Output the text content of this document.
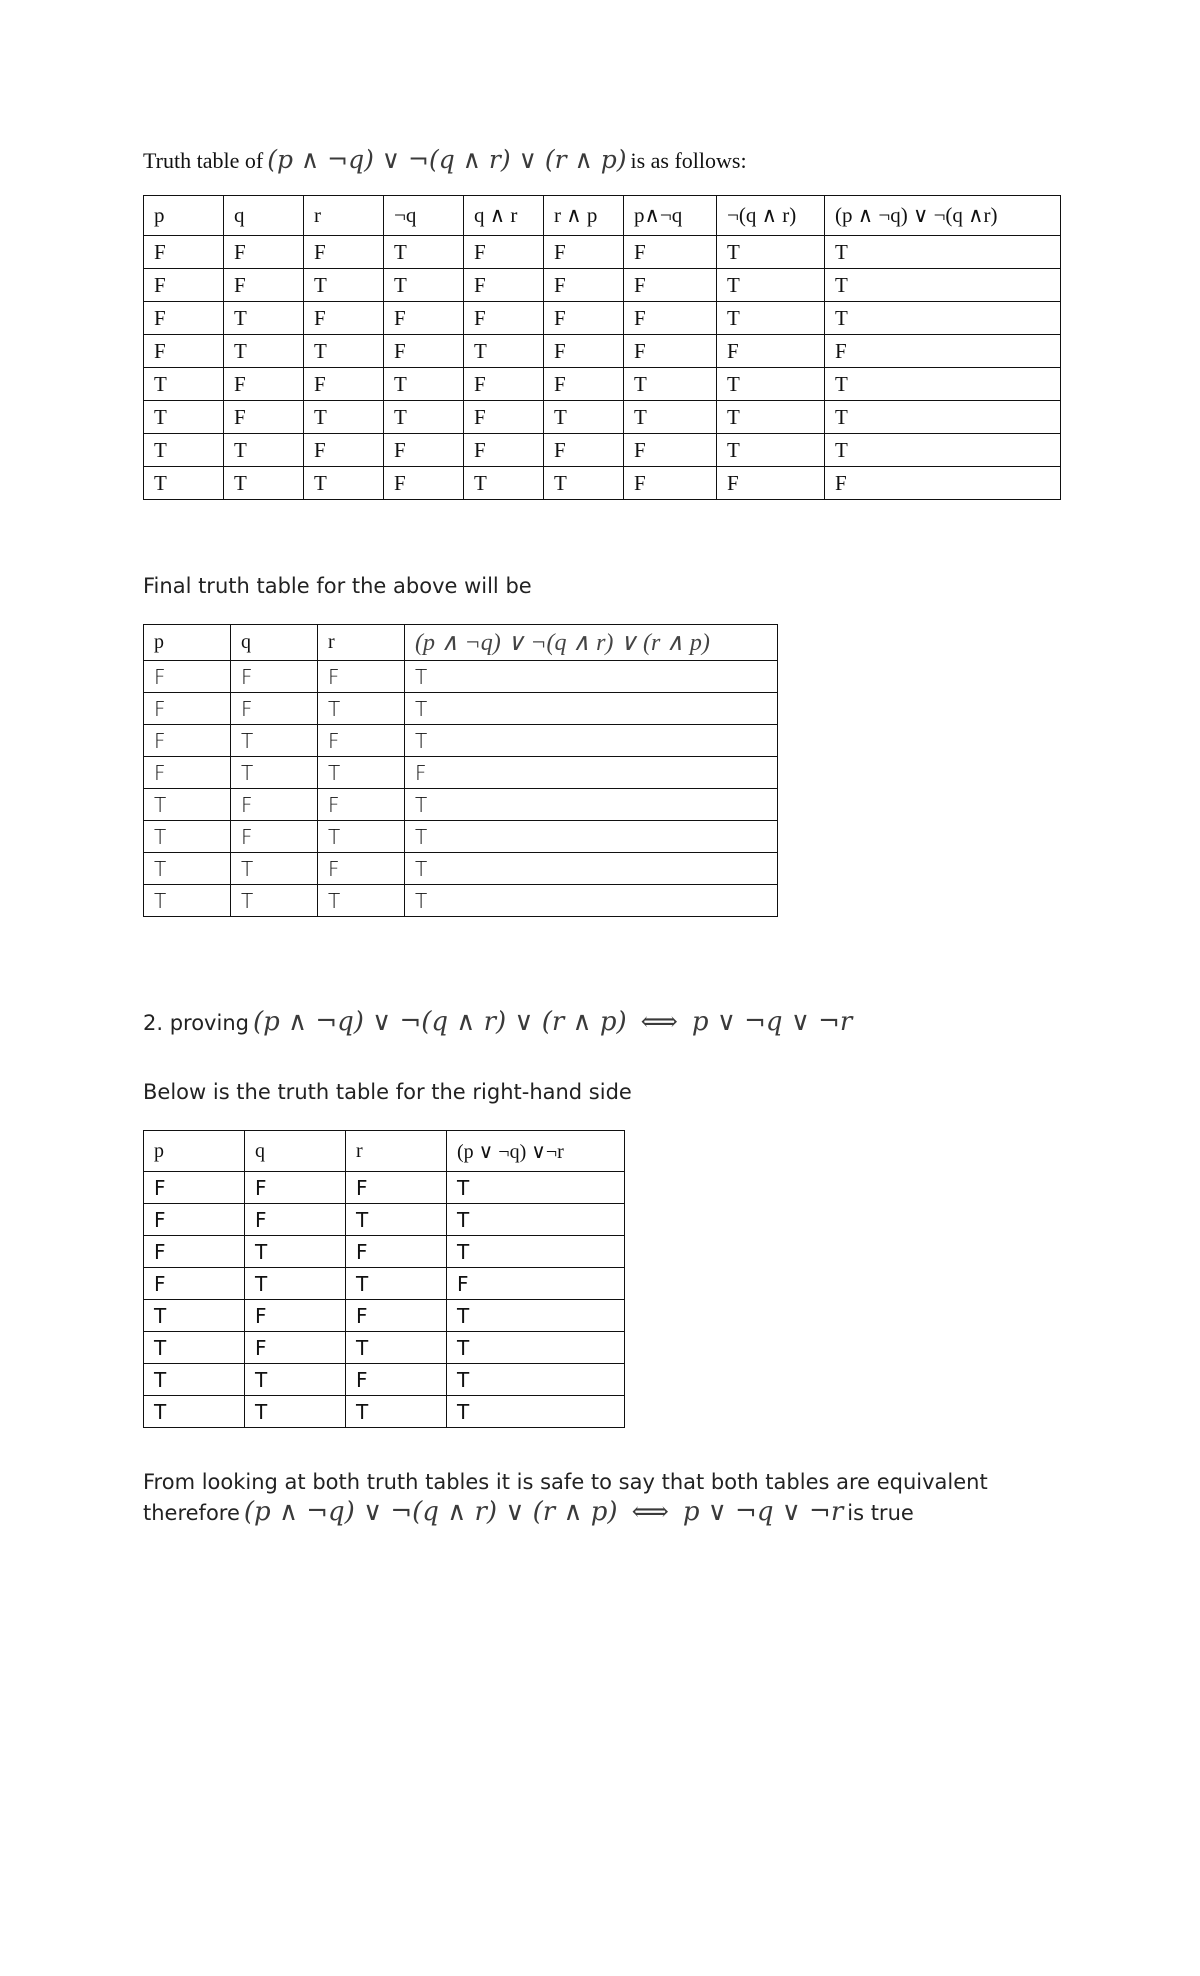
Truth table of (p ∧ ¬q) ∨ ¬(q ∧ r) ∨ (r ∧ p) is as follows:
p	q	r	¬q	q ∧ r	r ∧ p	p∧¬q	¬(q ∧ r)	(p ∧ ¬q) ∨ ¬(q ∧r)
F	F	F	T	F	F	F	T	T
F	F	T	T	F	F	F	T	T
F	T	F	F	F	F	F	T	T
F	T	T	F	T	F	F	F	F
T	F	F	T	F	F	T	T	T
T	F	T	T	F	T	T	T	T
T	T	F	F	F	F	F	T	T
T	T	T	F	T	T	F	F	F
Final truth table for the above will be
p	q	r	(p ∧ ¬q) ∨ ¬(q ∧ r) ∨ (r ∧ p)
F	F	F	T
F	F	T	T
F	T	F	T
F	T	T	F
T	F	F	T
T	F	T	T
T	T	F	T
T	T	T	T
2. proving (p ∧ ¬q) ∨ ¬(q ∧ r) ∨ (r ∧ p) ⟺ p ∨ ¬q ∨ ¬r
Below is the truth table for the right-hand side
p	q	r	(p ∨ ¬q) ∨¬r
F	F	F	T
F	F	T	T
F	T	F	T
F	T	T	F
T	F	F	T
T	F	T	T
T	T	F	T
T	T	T	T
From looking at both truth tables it is safe to say that both tables are equivalent
therefore (p ∧ ¬q) ∨ ¬(q ∧ r) ∨ (r ∧ p) ⟺ p ∨ ¬q ∨ ¬r is true
